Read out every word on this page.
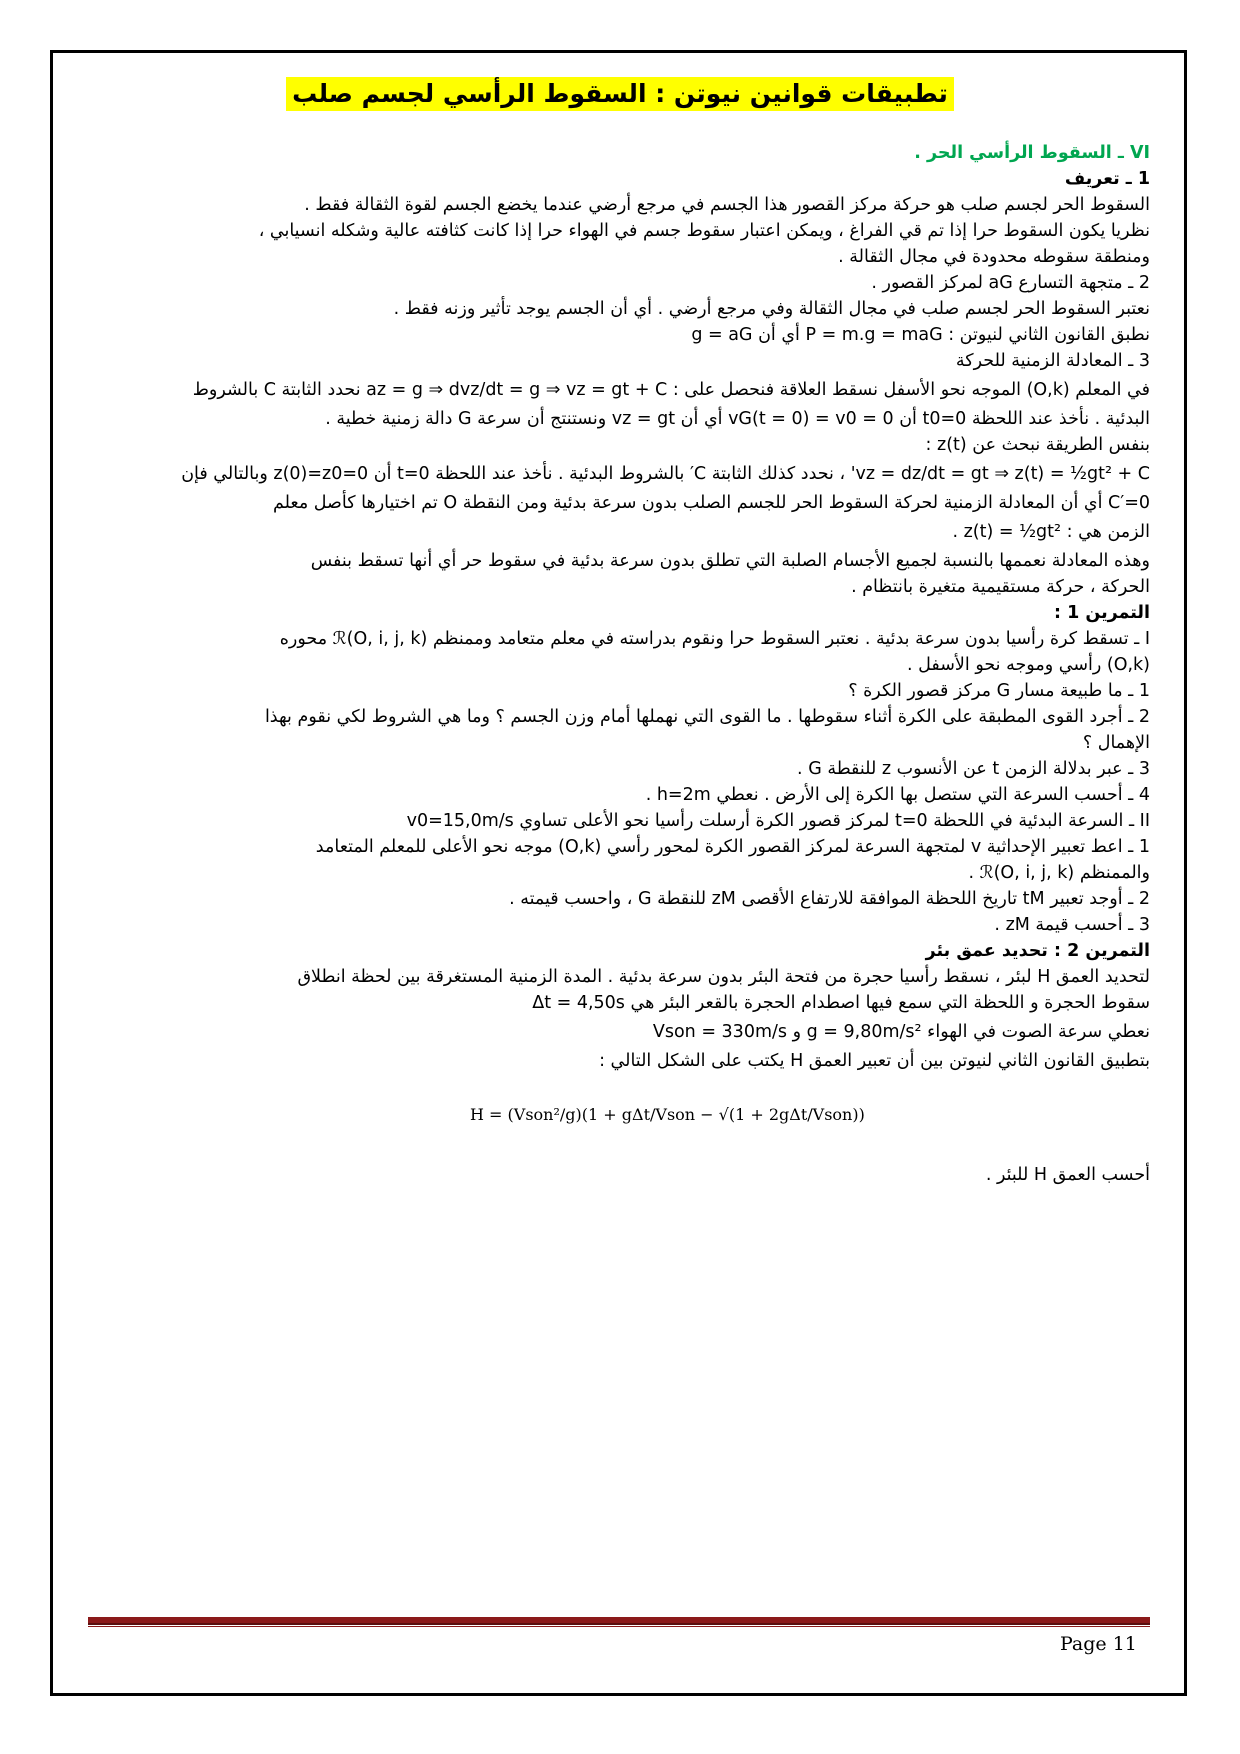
تطبيقات قوانين نيوتن : السقوط الرأسي لجسم صلب
VI ـ السقوط الرأسي الحر .
1 ـ تعريف
السقوط الحر لجسم صلب هو حركة مركز القصور هذا الجسم في مرجع أرضي عندما يخضع الجسم لقوة الثقالة فقط .
نظريا يكون السقوط حرا إذا تم قي الفراغ ، ويمكن اعتبار سقوط جسم في الهواء حرا إذا كانت كثافته عالية وشكله انسيابي ،
ومنطقة سقوطه محدودة في مجال الثقالة .
2 ـ متجهة التسارع aG لمركز القصور .
نعتبر السقوط الحر لجسم صلب في مجال الثقالة وفي مرجع أرضي . أي أن الجسم يوجد تأثير وزنه فقط .
نطبق القانون الثاني لنيوتن : P = m.g = maG أي أن g = aG
3 ـ المعادلة الزمنية للحركة
في المعلم (O,k) الموجه نحو الأسفل نسقط العلاقة فنحصل على : az = g ⇒ dvz/dt = g ⇒ vz = gt + C نحدد الثابتة C بالشروط
البدئية . نأخذ عند اللحظة t0=0 أن vG(t = 0) = v0 = 0 أي أن vz = gt ونستنتج أن سرعة G دالة زمنية خطية .
بنفس الطريقة نبحث عن z(t) :
vz = dz/dt = gt ⇒ z(t) = ½gt² + C' ، نحدد كذلك الثابتة C′ بالشروط البدئية . نأخذ عند اللحظة t=0 أن z(0)=z0=0 وبالتالي فإن
C′=0 أي أن المعادلة الزمنية لحركة السقوط الحر للجسم الصلب بدون سرعة بدئية ومن النقطة O تم اختيارها كأصل معلم
الزمن هي : z(t) = ½gt² .
وهذه المعادلة نعممها بالنسبة لجميع الأجسام الصلبة التي تطلق بدون سرعة بدئية في سقوط حر أي أنها تسقط بنفس
الحركة ، حركة مستقيمية متغيرة بانتظام .
التمرين 1 :
I ـ تسقط كرة رأسيا بدون سرعة بدئية . نعتبر السقوط حرا ونقوم بدراسته في معلم متعامد وممنظم ℛ(O, i, j, k) محوره
(O,k) رأسي وموجه نحو الأسفل .
1 ـ ما طبيعة مسار G مركز قصور الكرة ؟
2 ـ أجرد القوى المطبقة على الكرة أثناء سقوطها . ما القوى التي نهملها أمام وزن الجسم ؟ وما هي الشروط لكي نقوم بهذا
الإهمال ؟
3 ـ عبر بدلالة الزمن t عن الأنسوب z للنقطة G .
4 ـ أحسب السرعة التي ستصل بها الكرة إلى الأرض . نعطي h=2m .
II ـ السرعة البدئية في اللحظة t=0 لمركز قصور الكرة أرسلت رأسيا نحو الأعلى تساوي v0=15,0m/s
1 ـ اعط تعبير الإحداثية v لمتجهة السرعة لمركز القصور الكرة لمحور رأسي (O,k) موجه نحو الأعلى للمعلم المتعامد
والممنظم ℛ(O, i, j, k) .
2 ـ أوجد تعبير tM تاريخ اللحظة الموافقة للارتفاع الأقصى zM للنقطة G ، واحسب قيمته .
3 ـ أحسب قيمة zM .
التمرين 2 : تحديد عمق بئر
لتحديد العمق H لبئر ، نسقط رأسيا حجرة من فتحة البئر بدون سرعة بدئية . المدة الزمنية المستغرقة بين لحظة انطلاق
سقوط الحجرة و اللحظة التي سمع فيها اصطدام الحجرة بالقعر البئر هي Δt = 4,50s
نعطي سرعة الصوت في الهواء g = 9,80m/s² و Vson = 330m/s
بتطبيق القانون الثاني لنيوتن بين أن تعبير العمق H يكتب على الشكل التالي :
H = (Vson²/g)(1 + gΔt/Vson − √(1 + 2gΔt/Vson))
أحسب العمق H للبئر .
Page 11
